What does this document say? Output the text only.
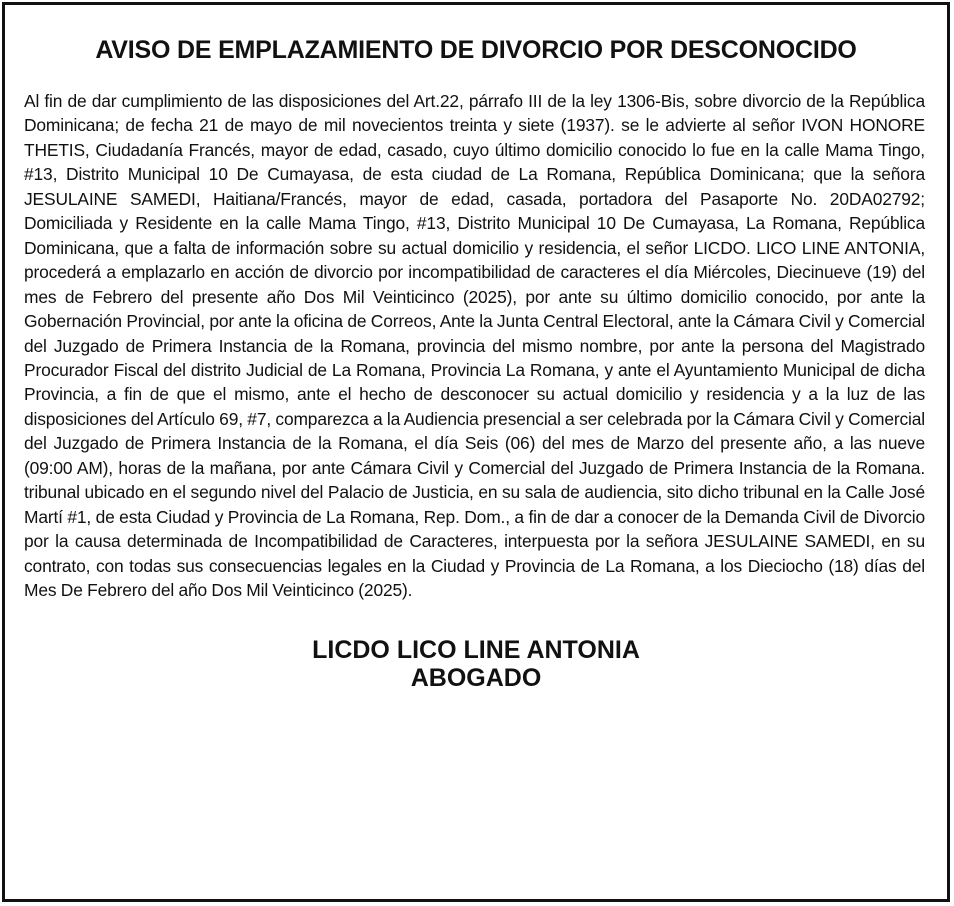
AVISO DE EMPLAZAMIENTO DE DIVORCIO POR DESCONOCIDO
Al fin de dar cumplimiento de las disposiciones del Art.22, párrafo III de la ley 1306-Bis, sobre divorcio de la República Dominicana; de fecha 21 de mayo de mil novecientos treinta y siete (1937). se le advierte al señor IVON HONORE THETIS, Ciudadanía Francés, mayor de edad, casado, cuyo último domicilio conocido lo fue en la calle Mama Tingo, #13, Distrito Municipal 10 De Cumayasa, de esta ciudad de La Romana, República Dominicana; que la señora JESULAINE SAMEDI, Haitiana/Francés, mayor de edad, casada, portadora del Pasaporte No. 20DA02792; Domiciliada y Residente en la calle Mama Tingo, #13, Distrito Municipal 10 De Cumayasa, La Romana, República Dominicana, que a falta de información sobre su actual domicilio y residencia, el señor LICDO. LICO LINE ANTONIA, procederá a emplazarlo en acción de divorcio por incompatibilidad de caracteres el día Miércoles, Diecinueve (19) del mes de Febrero del presente año Dos Mil Veinticinco (2025), por ante su último domicilio conocido, por ante la Gobernación Provincial, por ante la oficina de Correos, Ante la Junta Central Electoral, ante la Cámara Civil y Comercial del Juzgado de Primera Instancia de la Romana, provincia del mismo nombre, por ante la persona del Magistrado Procurador Fiscal del distrito Judicial de La Romana, Provincia La Romana, y ante el Ayuntamiento Municipal de dicha Provincia, a fin de que el mismo, ante el hecho de desconocer su actual domicilio y residencia y a la luz de las disposiciones del Artículo 69, #7, comparezca a la Audiencia presencial a ser celebrada por la Cámara Civil y Comercial del Juzgado de Primera Instancia de la Romana, el día Seis (06) del mes de Marzo del presente año, a las nueve (09:00 AM), horas de la mañana, por ante Cámara Civil y Comercial del Juzgado de Primera Instancia de la Romana. tribunal ubicado en el segundo nivel del Palacio de Justicia, en su sala de audiencia, sito dicho tribunal en la Calle José Martí #1, de esta Ciudad y Provincia de La Romana, Rep. Dom., a fin de dar a conocer de la Demanda Civil de Divorcio por la causa determinada de Incompatibilidad de Caracteres, interpuesta por la señora JESULAINE SAMEDI, en su contrato, con todas sus consecuencias legales en la Ciudad y Provincia de La Romana, a los Dieciocho (18) días del Mes De Febrero del año Dos Mil Veinticinco (2025).
LICDO LICO LINE ANTONIA
ABOGADO
